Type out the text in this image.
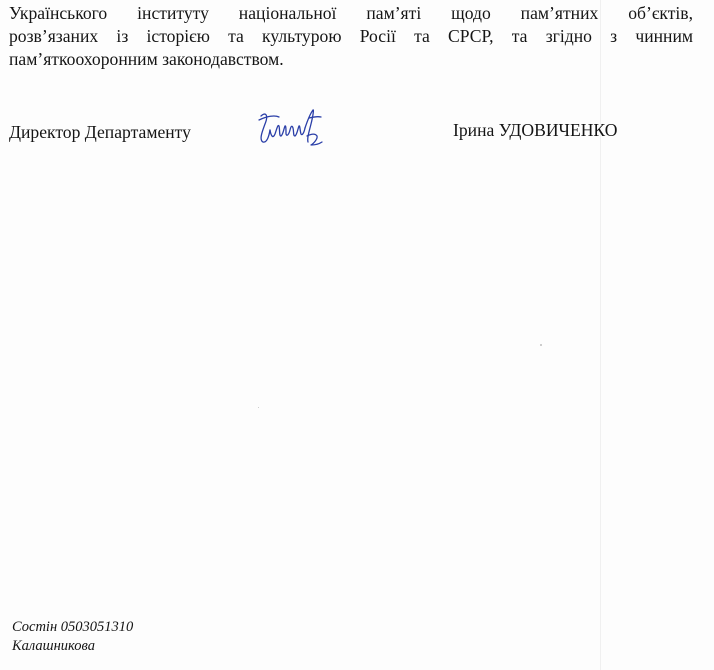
Українського інституту національної пам’яті щодо пам’ятних об’єктів,
розв’язаних із історією та культурою Росії та СРСР, та згідно з чинним
пам’яткоохоронним законодавством.
Директор Департаменту	Ірина УДОВИЧЕНКО
Состін 0503051310
Калашникова
